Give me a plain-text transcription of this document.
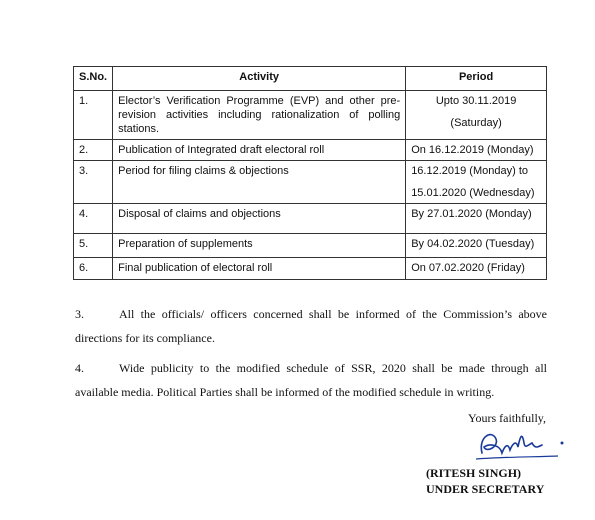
S.No.	Activity	Period
1.	Elector’s Verification Programme (EVP) and other pre-revision activities including rationalization of polling stations.	Upto 30.11.2019
(Saturday)

2.	Publication of Integrated draft electoral roll	On 16.12.2019 (Monday)

3.	Period for filing claims & objections	16.12.2019 (Monday) to
15.01.2020 (Wednesday)

4.	Disposal of claims and objections	By 27.01.2020 (Monday)

5.	Preparation of supplements	By 04.02.2020 (Tuesday)

6.	Final publication of electoral roll	On 07.02.2020 (Friday)
3.	All the officials/ officers concerned shall be informed of the Commission’s above directions for its compliance.
4.	Wide publicity to the modified schedule of SSR, 2020 shall be made through all available media. Political Parties shall be informed of the modified schedule in writing.
Yours faithfully,
(RITESH SINGH)
UNDER SECRETARY
